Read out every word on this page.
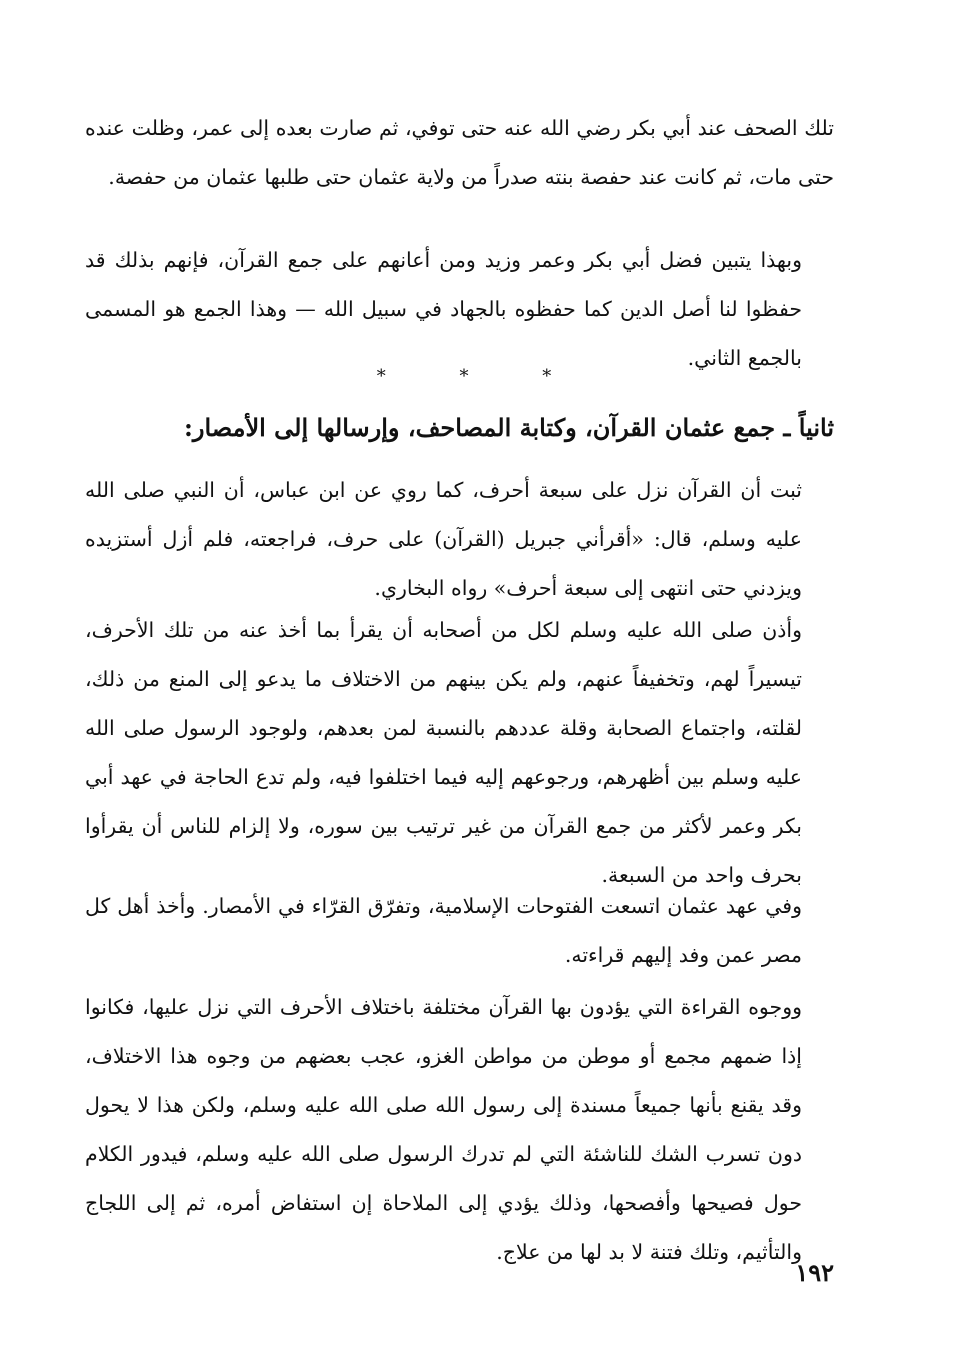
تلك الصحف عند أبي بكر رضي الله عنه حتى توفي، ثم صارت بعده إلى عمر، وظلت عنده حتى مات، ثم كانت عند حفصة بنته صدراً من ولاية عثمان حتى طلبها عثمان من حفصة.

وبهذا يتبين فضل أبي بكر وعمر وزيد ومن أعانهم على جمع القرآن، فإنهم بذلك قد حفظوا لنا أصل الدين كما حفظوه بالجهاد في سبيل الله — وهذا الجمع هو المسمى بالجمع الثاني.

* * *
ثانياً ـ جمع عثمان القرآن، وكتابة المصاحف، وإرسالها إلى الأمصار:

ثبت أن القرآن نزل على سبعة أحرف، كما روي عن ابن عباس، أن النبي صلى الله عليه وسلم، قال: «أقرأني جبريل (القرآن) على حرف، فراجعته، فلم أزل أستزيده ويزدني حتى انتهى إلى سبعة أحرف» رواه البخاري.

وأذن صلى الله عليه وسلم لكل من أصحابه أن يقرأ بما أخذ عنه من تلك الأحرف، تيسيراً لهم، وتخفيفاً عنهم، ولم يكن بينهم من الاختلاف ما يدعو إلى المنع من ذلك، لقلته، واجتماع الصحابة وقلة عددهم بالنسبة لمن بعدهم، ولوجود الرسول صلى الله عليه وسلم بين أظهرهم، ورجوعهم إليه فيما اختلفوا فيه، ولم تدع الحاجة في عهد أبي بكر وعمر لأكثر من جمع القرآن من غير ترتيب بين سوره، ولا إلزام للناس أن يقرأوا بحرف واحد من السبعة.

وفي عهد عثمان اتسعت الفتوحات الإسلامية، وتفرّق القرّاء في الأمصار. وأخذ أهل كل مصر عمن وفد إليهم قراءته.

ووجوه القراءة التي يؤدون بها القرآن مختلفة باختلاف الأحرف التي نزل عليها، فكانوا إذا ضمهم مجمع أو موطن من مواطن الغزو، عجب بعضهم من وجوه هذا الاختلاف، وقد يقنع بأنها جميعاً مسندة إلى رسول الله صلى الله عليه وسلم، ولكن هذا لا يحول دون تسرب الشك للناشئة التي لم تدرك الرسول صلى الله عليه وسلم، فيدور الكلام حول فصيحها وأفصحها، وذلك يؤدي إلى الملاحاة إن استفاض أمره، ثم إلى اللجاج والتأثيم، وتلك فتنة لا بد لها من علاج.

١٩٢
